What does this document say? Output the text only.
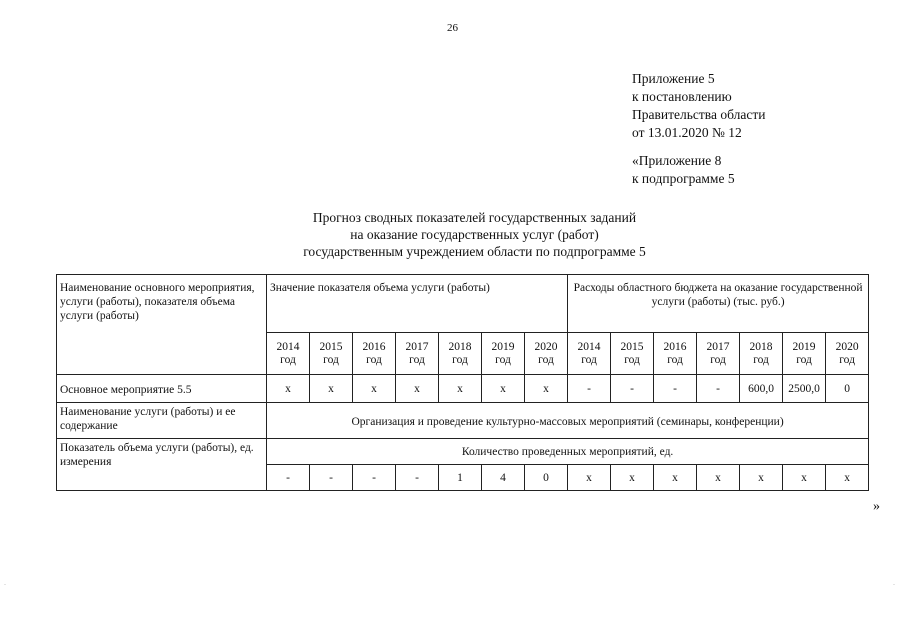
26
Приложение 5
к постановлению
Правительства области
от 13.01.2020 № 12
«Приложение 8
к подпрограмме 5
Прогноз сводных показателей государственных заданий
на оказание государственных услуг (работ)
государственным учреждением области по подпрограмме 5
Наименование основного мероприятия, услуги (работы), показателя объема услуги (работы)	Значение показателя объема услуги (работы)							Расходы областного бюджета на оказание государственной услуги (работы) (тыс. руб.)						
	2014 год	2015 год	2016 год	2017 год	2018 год	2019 год	2020 год	2014 год	2015 год	2016 год	2017 год	2018 год	2019 год	2020 год
Основное мероприятие 5.5	х	х	х	х	х	х	х	-	-	-	-	600,0	2500,0	0
Наименование услуги (работы) и ее содержание	Организация и проведение культурно-массовых мероприятий (семинары, конференции)													
Показатель объема услуги (работы), ед. измерения	Количество проведенных мероприятий, ед.													
	-	-	-	-	1	4	0	х	х	х	х	х	х	х
»
.	.
